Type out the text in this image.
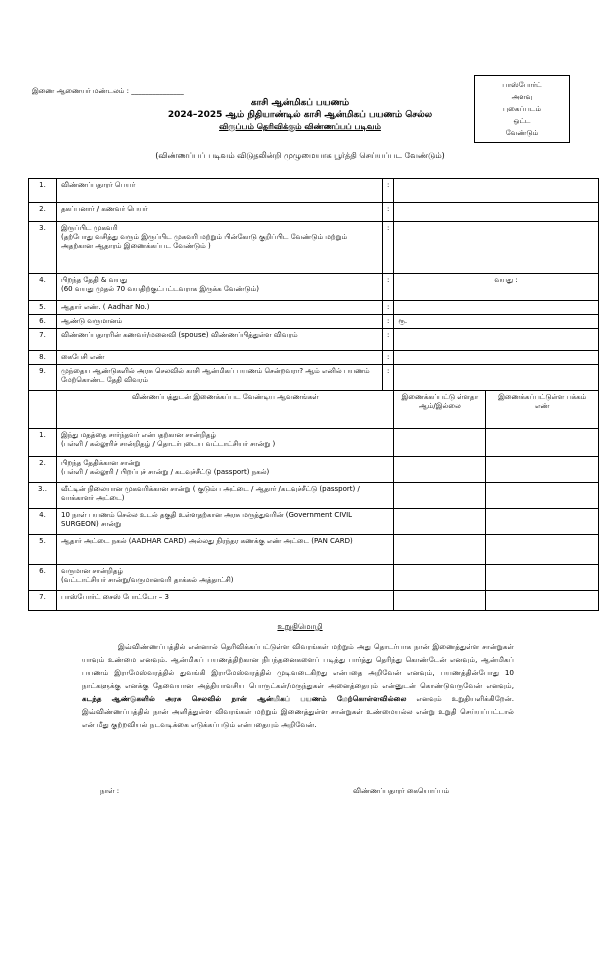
இணை ஆணையர் மண்டலம் : _______________
பாஸ்போர்ட்
அளவு
புகைப்படம்
ஒட்ட
வேண்டும்
காசி ஆன்மிகப் பயணம்
2024–2025 ஆம் நிதியாண்டில் காசி ஆன்மிகப் பயணம் செல்ல
விருப்பம் தெரிவிக்கும் விண்ணப்பப் படிவம்
(விண்ணப்பப் படிவம் விடுதலின்றி முழுமையாக பூர்த்தி செய்யப்பட வேண்டும்)
1.	விண்ணப்பதாரர் பெயர்	:		
2.	தகப்பனார் / கணவர் பெயர்	:		
3.	இருப்பிட முகவரி
(தற்போது வசித்து வரும் இருப்பிட முகவரி மற்றும் பின்கோடு குறிப்பிட வேண்டும் மற்றும் அதற்கான ஆதாரம் இணைக்கப்பட வேண்டும் )	:		
4.	பிறந்த தேதி & வயது
(60 வயது முதல் 70 வயதிற்குட்பட்டவராக இருக்க வேண்டும்)	:	வயது :	
5.	ஆதார் எண். ( Aadhar No.)	:		
6.	ஆண்டு வருமானம்	:	ரூ.	
7.	விண்ணப்பதாரரின் கணவர்/மனைவி (spouse) விண்ணப்பித்துள்ள விவரம்	:		
8.	கைபேசி எண்	:		
9.	முந்தைய ஆண்டுகளில் அரசு செலவில் காசி ஆன்மிகப் பயணம் சென்றவரா? ஆம் எனில் பயணம் மேற்கொண்ட தேதி விவரம்	:		
	விண்ணப்பத்துடன் இணைக்கப்பட வேண்டிய ஆவணங்கள்		இணைக்கப்பட்டு ள்ளதா ஆம்/இல்லை	இணைக்கப்பட்டுள்ள பக்கம் எண்
1.	இந்து மதத்தை சார்ந்தவர் என்பதற்கான சான்றிதழ்
(பள்ளி / கல்லூரிச் சான்றிதழ் / தொடர்புடைய வட்டாட்சியர் சான்று )			
2.	பிறந்த தேதிக்கான சான்று
(பள்ளி / கல்லூரி / பிறப்புச் சான்று / கடவுச்சீட்டு (passport) நகல்)			
3..	வீட்டின் நிலையான முகவரிக்கான சான்று ( குடும்ப அட்டை / ஆதார் /கடவுச்சீட்டு (passport) / வாக்காளர் அட்டை)			
4.	10 நாள் பயணம் செல்ல உடல் தகுதி உள்ளதற்கான அரசு மருத்துவரின் (Government CIVIL SURGEON) சான்று			
5.	ஆதார் அட்டை நகல் (AADHAR CARD) அல்லது நிரந்தர கணக்கு எண் அட்டை (PAN CARD)			
6.	வருமான சான்றிதழ்
(வட்டாட்சியர் சான்று/வருமானவரி தாக்கல் அத்தாட்சி)			
7.	பாஸ்போர்ட் சைஸ் போட்டோ – 3			
உறுதிமொழி

இவ்விண்ணப்பத்தில் என்னால் தெரிவிக்கப்பட்டுள்ள விவரங்கள் மற்றும் அது தொடர்பாக நான் இணைத்துள்ள சான்றுகள் யாவும் உண்மை எனவும். ஆன்மிகப் பயணத்திற்கான நிபந்தனைகளைப் படித்து பார்த்து தெரிந்து கொண்டேன் எனவும், ஆன்மிகப் பயணம் இராமேஸ்வரத்தில் துவங்கி இராமேஸ்வரத்தில் முடிவடைகிறது என்பதை அறிவேன் எனவும், பயணத்தின்போது 10 நாட்களுக்கு எனக்கு தேவையான அத்தியாவசிய பொருட்கள்/மருந்துகள் அனைத்தையும் என்னுடன் கொண்டுவருவேன் எனவும், கடந்த ஆண்டுகளில் அரசு செலவில் நான் ஆன்மிகப் பயணம் மேற்கொள்ளவில்லை எனவும் உறுதியளிக்கிறேன். இவ்விண்ணப்பத்தில் நான் அளித்துள்ள விவரங்கள் மற்றும் இணைத்துள்ள சான்றுகள் உண்மையல்ல என்று உறுதி செய்யப்பட்டால் என் மீது குற்றவியல் நடவடிக்கை எடுக்கப்படும் என்பதையும் அறிவேன்.

நாள் :	விண்ணப்பதாரர் கையொப்பம்
